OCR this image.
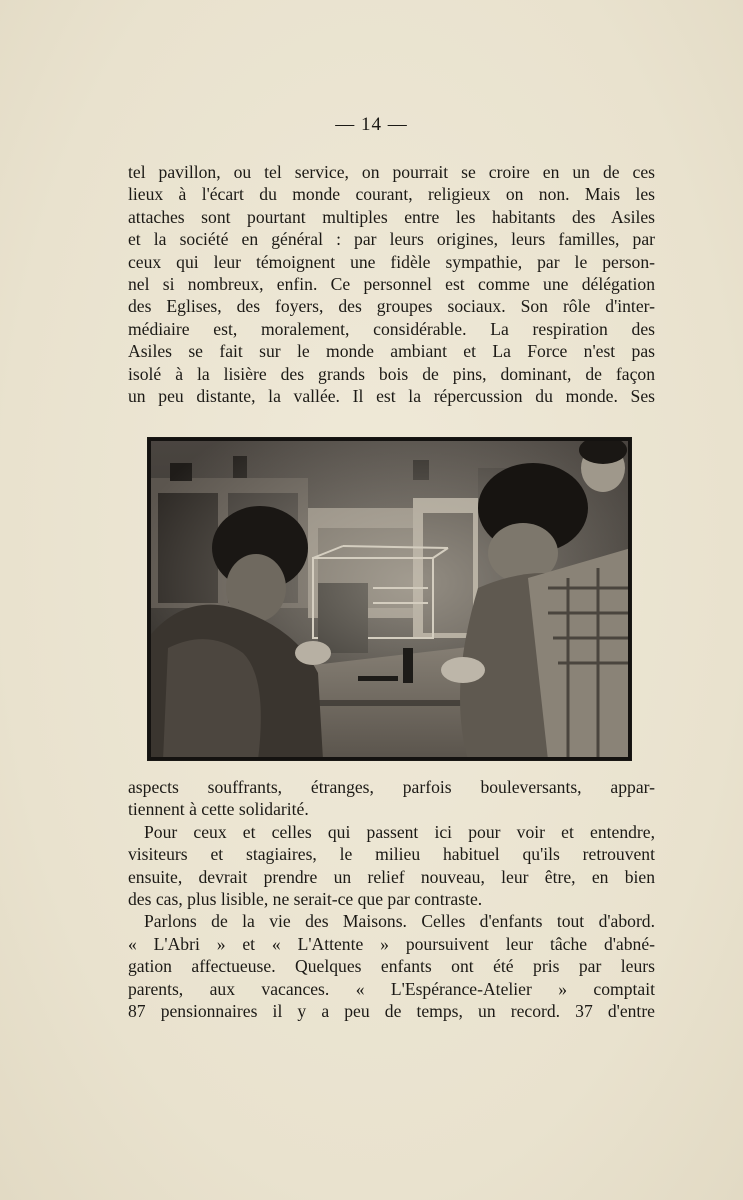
— 14 —
tel pavillon, ou tel service, on pourrait se croire en un de ces
lieux à l'écart du monde courant, religieux on non. Mais les
attaches sont pourtant multiples entre les habitants des Asiles
et la société en général : par leurs origines, leurs familles, par
ceux qui leur témoignent une fidèle sympathie, par le person-
nel si nombreux, enfin. Ce personnel est comme une délégation
des Eglises, des foyers, des groupes sociaux. Son rôle d'inter-
médiaire est, moralement, considérable. La respiration des
Asiles se fait sur le monde ambiant et La Force n'est pas
isolé à la lisière des grands bois de pins, dominant, de façon
un peu distante, la vallée. Il est la répercussion du monde. Ses
aspects souffrants, étranges, parfois bouleversants, appar-
tiennent à cette solidarité.
Pour ceux et celles qui passent ici pour voir et entendre,
visiteurs et stagiaires, le milieu habituel qu'ils retrouvent
ensuite, devrait prendre un relief nouveau, leur être, en bien
des cas, plus lisible, ne serait-ce que par contraste.
Parlons de la vie des Maisons. Celles d'enfants tout d'abord.
« L'Abri » et « L'Attente » poursuivent leur tâche d'abné-
gation affectueuse. Quelques enfants ont été pris par leurs
parents, aux vacances. « L'Espérance-Atelier » comptait
87 pensionnaires il y a peu de temps, un record. 37 d'entre
